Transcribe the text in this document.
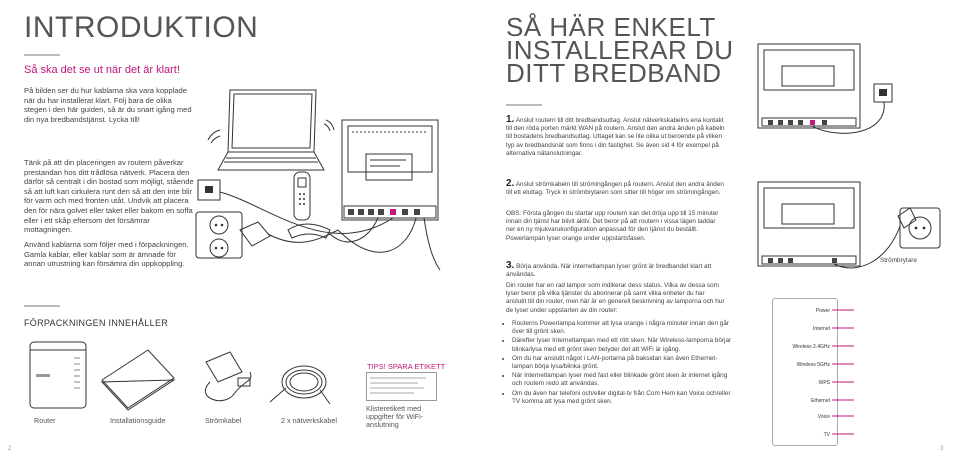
INTRODUKTION
Så ska det se ut när det är klart!
På bilden ser du hur kablarna ska vara kopplade när du har installerat klart. Följ bara de olika stegen i den här guiden, så är du snart igång med din nya bredbandstjänst. Lycka till!
Tänk på att din placeringen av routern påverkar prestandan hos ditt trådlösa nätverk. Placera den därför så centralt i din bostad som möjligt, stående så att luft kan cirkulera runt den så att den inte blir för varm och med fronten utåt. Undvik att placera den för nära golvet eller taket eller bakom en soffa eller i ett skåp eftersom det försämrar mottagningen.
Använd kablarna som följer med i förpackningen. Gamla kablar, eller kablar som är ämnade för annan utrustning kan försämra din uppkoppling.
FÖRPACKNINGEN INNEHÅLLER
Router	Installationsguide	Strömkabel	2 x nätverkskabel
TIPS! SPARA ETIKETT
Klisteretikett med uppgifter för WiFi-anslutning
2
SÅ HÄR ENKELT
INSTALLERAR DU
DITT BREDBAND
1. Anslut routern till ditt bredbandsuttag. Anslut nätverkskabelns ena kontakt till den röda porten märkt WAN på routern. Anslut den andra änden på kabeln till bostadens bredbandsuttag. Uttaget kan se lite olika ut beroende på vilken typ av bredbandsnät som finns i din fastighet. Se även sid 4 för exempel på alternativa nätanslutningar.
2. Anslut strömkabeln till strömingången på routern. Anslut den andra änden till ett eluttag. Tryck in strömbrytaren som sitter till höger om strömingången.
OBS: Första gången du startar upp routern kan det dröja upp till 15 minuter innan din tjänst har blivit aktiv. Det beror på att routern i vissa lägen laddar ner en ny mjukvarukonfiguration anpassad för den tjänst du beställt. Powerlampan lyser orange under uppstartsfasen.
3. Börja använda. När internetlampan lyser grönt är bredbandet klart att användas.
Din router har en rad lampor som indikerar dess status. Vilka av dessa som lyser beror på vilka tjänster du abonnerar på samt vilka enheter du har anslutit till din router, men här är en generell beskrivning av lamporna och hur de lyser under uppstarten av din router:
• Routerns Powerlampa kommer att lysa orange i några minuter innan den går över till grönt sken.
• Därefter lyser Internetlampan med ett rött sken. När Wireless-lamporna börjar blinka/lysa med ett grönt sken betyder det att WiFi är igång.
• Om du har anslutit något i LAN-portarna på baksidan kan även Ethernet-lampan börja lysa/blinka grönt.
• När Internetlampan lyser med fast eller blinkade grönt sken är internet igång och routern redo att användas.
• Om du även har telefoni och/eller digital-tv från Com Hem kan Voice och/eller TV komma att lysa med grönt sken.
Strömbrytare
Power
Internet
Wireless 2.4GHz
Wireless 5GHz
WPS
Ethernet
Voice
TV
3
